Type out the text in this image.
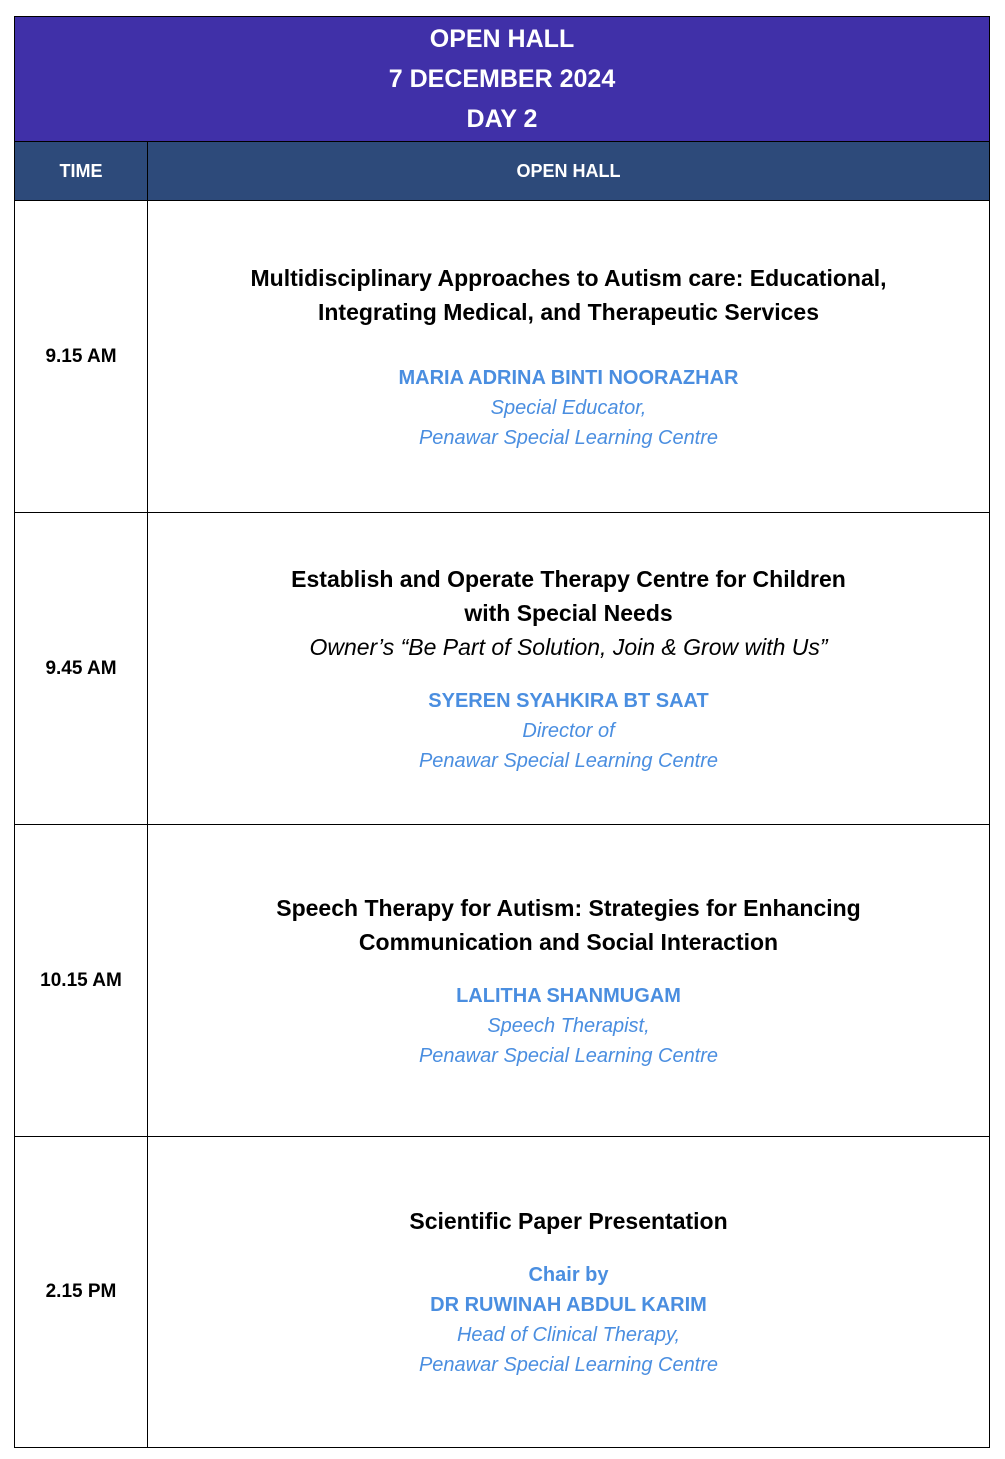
OPEN HALL
7 DECEMBER 2024
DAY 2
TIME	OPEN HALL
9.15 AM
Multidisciplinary Approaches to Autism care: Educational,
Integrating Medical, and Therapeutic Services
MARIA ADRINA BINTI NOORAZHAR
Special Educator,
Penawar Special Learning Centre
9.45 AM
Establish and Operate Therapy Centre for Children
with Special Needs
Owner’s “Be Part of Solution, Join & Grow with Us”
SYEREN SYAHKIRA BT SAAT
Director of
Penawar Special Learning Centre
10.15 AM
Speech Therapy for Autism: Strategies for Enhancing
Communication and Social Interaction
LALITHA SHANMUGAM
Speech Therapist,
Penawar Special Learning Centre
2.15 PM
Scientific Paper Presentation
Chair by
DR RUWINAH ABDUL KARIM
Head of Clinical Therapy,
Penawar Special Learning Centre
